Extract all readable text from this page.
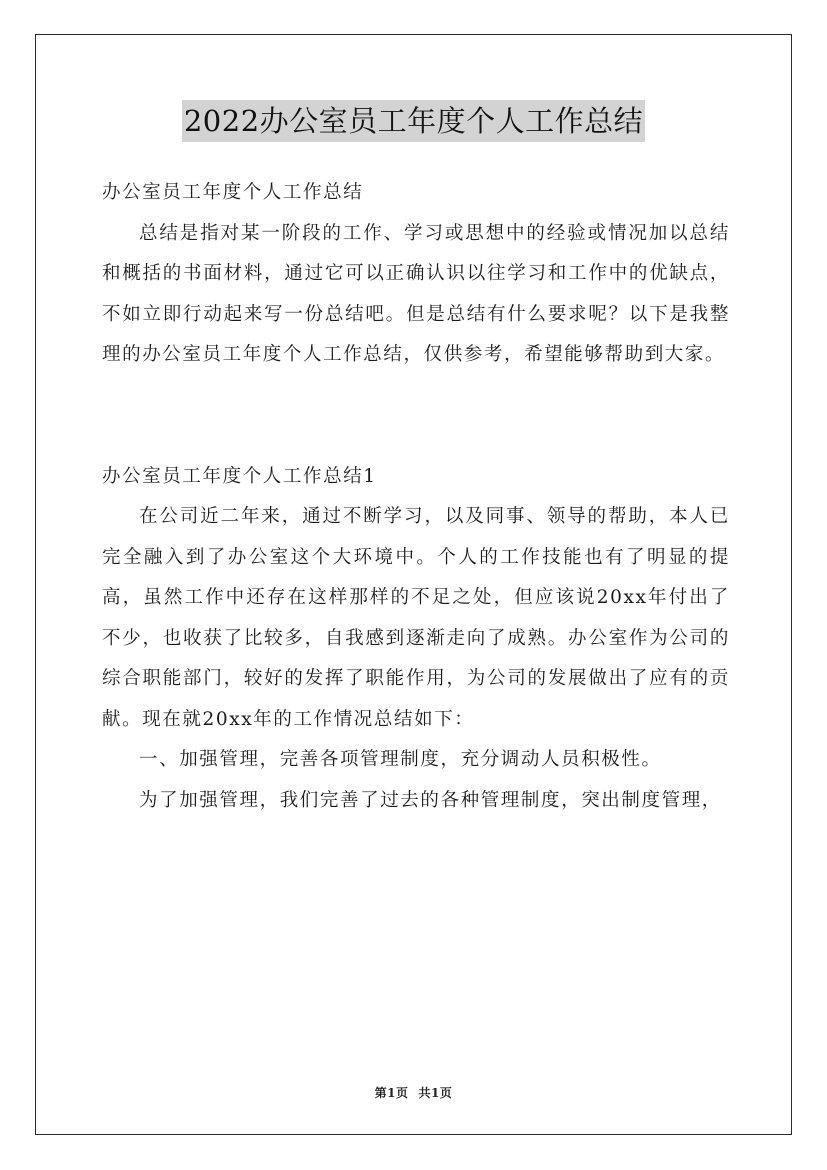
2022办公室员工年度个人工作总结

办公室员工年度个人工作总结

总结是指对某一阶段的工作、学习或思想中的经验或情况加以总结和概括的书面材料，通过它可以正确认识以往学习和工作中的优缺点，不如立即行动起来写一份总结吧。但是总结有什么要求呢？以下是我整理的办公室员工年度个人工作总结，仅供参考，希望能够帮助到大家。

办公室员工年度个人工作总结1

在公司近二年来，通过不断学习，以及同事、领导的帮助，本人已完全融入到了办公室这个大环境中。个人的工作技能也有了明显的提高，虽然工作中还存在这样那样的不足之处，但应该说20xx年付出了不少，也收获了比较多，自我感到逐渐走向了成熟。办公室作为公司的综合职能部门，较好的发挥了职能作用，为公司的发展做出了应有的贡献。现在就20xx年的工作情况总结如下：

一、加强管理，完善各项管理制度，充分调动人员积极性。

为了加强管理，我们完善了过去的各种管理制度，突出制度管理，

第1页 共1页
